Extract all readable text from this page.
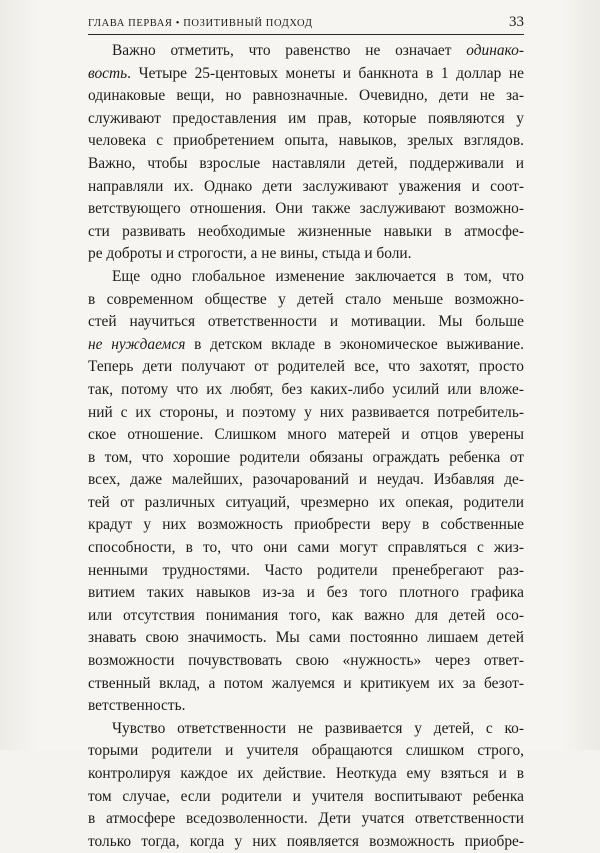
ГЛАВА ПЕРВАЯ • ПОЗИТИВНЫЙ ПОДХОД	33
Важно отметить, что равенство не означает одинако-
вость. Четыре 25-центовых монеты и банкнота в 1 доллар не
одинаковые вещи, но равнозначные. Очевидно, дети не за-
служивают предоставления им прав, которые появляются у
человека с приобретением опыта, навыков, зрелых взглядов.
Важно, чтобы взрослые наставляли детей, поддерживали и
направляли их. Однако дети заслуживают уважения и соот-
ветствующего отношения. Они также заслуживают возможно-
сти развивать необходимые жизненные навыки в атмосфе-
ре доброты и строгости, а не вины, стыда и боли.
Еще одно глобальное изменение заключается в том, что
в современном обществе у детей стало меньше возможно-
стей научиться ответственности и мотивации. Мы больше
не нуждаемся в детском вкладе в экономическое выживание.
Теперь дети получают от родителей все, что захотят, просто
так, потому что их любят, без каких-либо усилий или вложе-
ний с их стороны, и поэтому у них развивается потребитель-
ское отношение. Слишком много матерей и отцов уверены
в том, что хорошие родители обязаны ограждать ребенка от
всех, даже малейших, разочарований и неудач. Избавляя де-
тей от различных ситуаций, чрезмерно их опекая, родители
крадут у них возможность приобрести веру в собственные
способности, в то, что они сами могут справляться с жиз-
ненными трудностями. Часто родители пренебрегают раз-
витием таких навыков из-за и без того плотного графика
или отсутствия понимания того, как важно для детей осо-
знавать свою значимость. Мы сами постоянно лишаем детей
возможности почувствовать свою «нужность» через ответ-
ственный вклад, а потом жалуемся и критикуем их за безот-
ветственность.
Чувство ответственности не развивается у детей, с ко-
торыми родители и учителя обращаются слишком строго,
контролируя каждое их действие. Неоткуда ему взяться и в
том случае, если родители и учителя воспитывают ребенка
в атмосфере вседозволенности. Дети учатся ответственности
только тогда, когда у них появляется возможность приобре-
